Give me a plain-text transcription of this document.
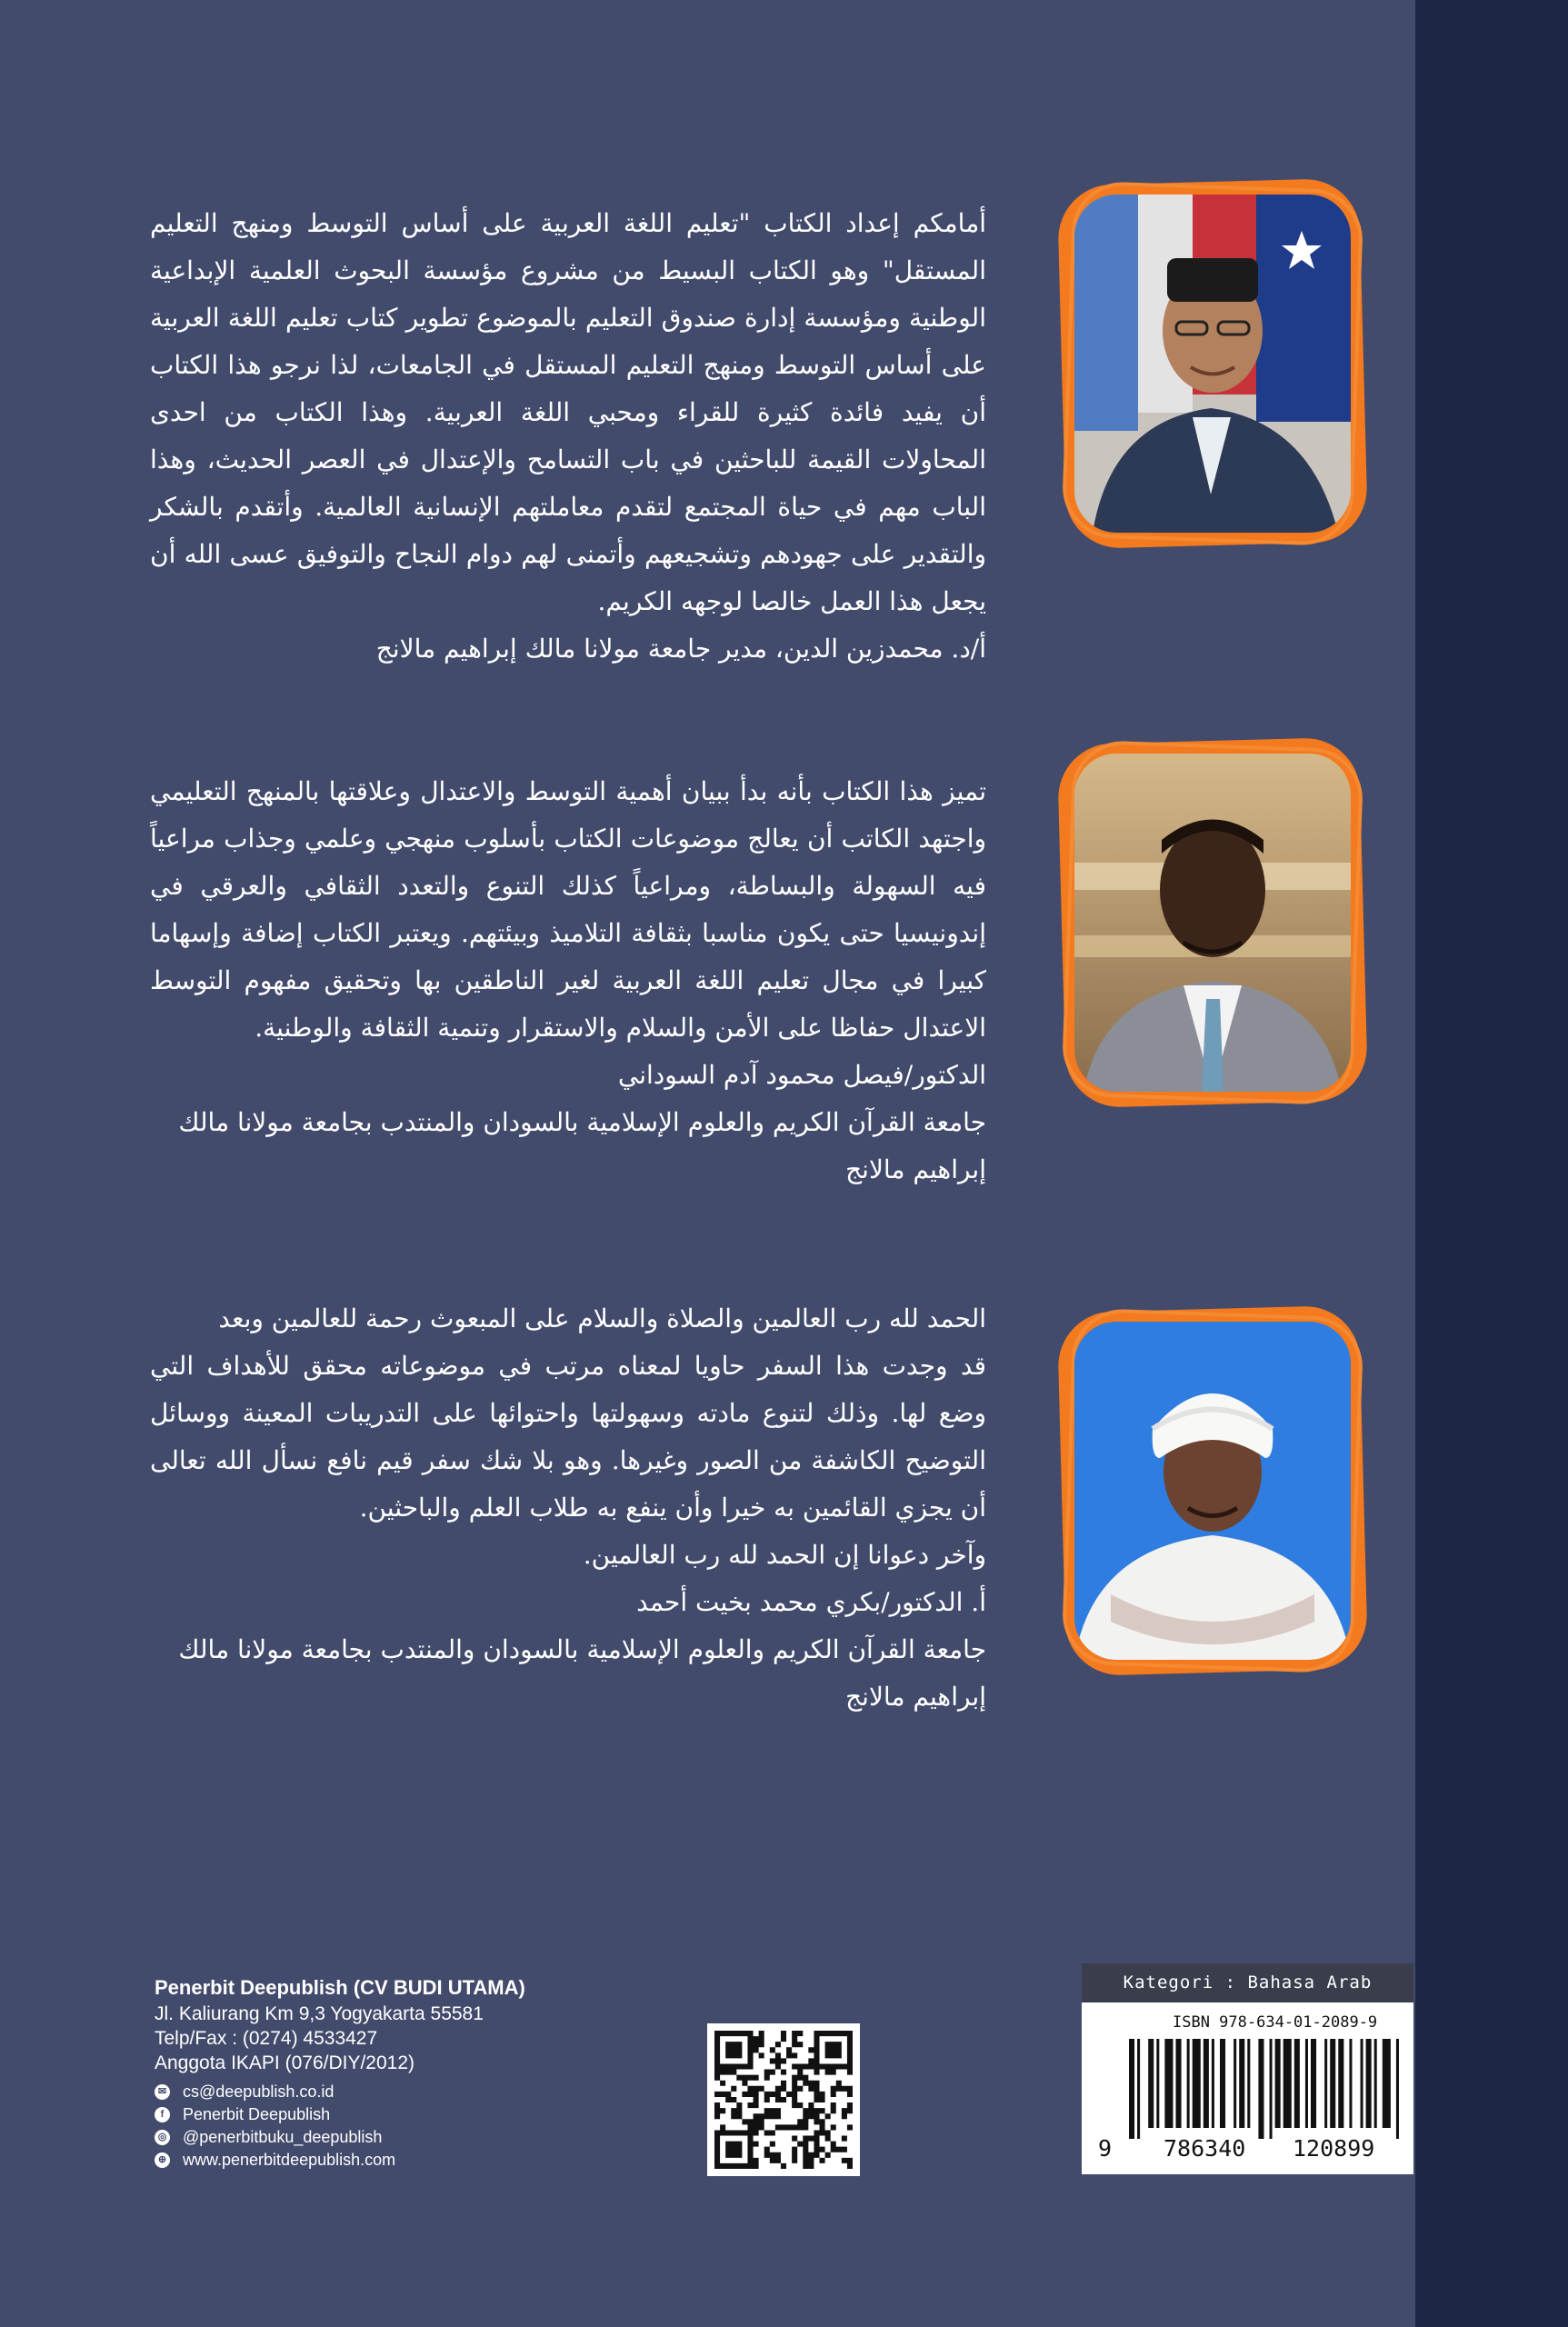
أمامكم إعداد الكتاب "تعليم اللغة العربية على أساس التوسط ومنهج التعليم المستقل" وهو الكتاب البسيط من مشروع مؤسسة البحوث العلمية الإبداعية الوطنية ومؤسسة إدارة صندوق التعليم بالموضوع تطوير كتاب تعليم اللغة العربية على أساس التوسط ومنهج التعليم المستقل في الجامعات، لذا نرجو هذا الكتاب أن يفيد فائدة كثيرة للقراء ومحبي اللغة العربية. وهذا الكتاب من احدى المحاولات القيمة للباحثين في باب التسامح والإعتدال في العصر الحديث، وهذا الباب مهم في حياة المجتمع لتقدم معاملتهم الإنسانية العالمية. وأتقدم بالشكر والتقدير على جهودهم وتشجيعهم وأتمنى لهم دوام النجاح والتوفيق عسى الله أن يجعل هذا العمل خالصا لوجهه الكريم.

أ/د. محمدزين الدين، مدير جامعة مولانا مالك إبراهيم مالانج

تميز هذا الكتاب بأنه بدأ ببيان أهمية التوسط والاعتدال وعلاقتها بالمنهج التعليمي واجتهد الكاتب أن يعالج موضوعات الكتاب بأسلوب منهجي وعلمي وجذاب مراعياً فيه السهولة والبساطة، ومراعياً كذلك التنوع والتعدد الثقافي والعرقي في إندونيسيا حتى يكون مناسبا بثقافة التلاميذ وبيئتهم. ويعتبر الكتاب إضافة وإسهاما كبيرا في مجال تعليم اللغة العربية لغير الناطقين بها وتحقيق مفهوم التوسط الاعتدال حفاظا على الأمن والسلام والاستقرار وتنمية الثقافة والوطنية.

الدكتور/فيصل محمود آدم السوداني

جامعة القرآن الكريم والعلوم الإسلامية بالسودان والمنتدب بجامعة مولانا مالك إبراهيم مالانج

الحمد لله رب العالمين والصلاة والسلام على المبعوث رحمة للعالمين وبعد

قد وجدت هذا السفر حاويا لمعناه مرتب في موضوعاته محقق للأهداف التي وضع لها. وذلك لتنوع مادته وسهولتها واحتوائها على التدريبات المعينة ووسائل التوضيح الكاشفة من الصور وغيرها. وهو بلا شك سفر قيم نافع نسأل الله تعالى أن يجزي القائمين به خيرا وأن ينفع به طلاب العلم والباحثين.

وآخر دعوانا إن الحمد لله رب العالمين.

أ. الدكتور/بكري محمد بخيت أحمد

جامعة القرآن الكريم والعلوم الإسلامية بالسودان والمنتدب بجامعة مولانا مالك إبراهيم مالانج

Penerbit Deepublish (CV BUDI UTAMA)
Jl. Kaliurang Km 9,3 Yogyakarta 55581
Telp/Fax : (0274) 4533427
Anggota IKAPI (076/DIY/2012)
✉ cs@deepublish.co.id
f	Penerbit Deepublish
◎ @penerbitbuku_deepublish
⊕ www.penerbitdeepublish.com
Kategori : Bahasa Arab
ISBN 978-634-01-2089-9
9 786340 120899
